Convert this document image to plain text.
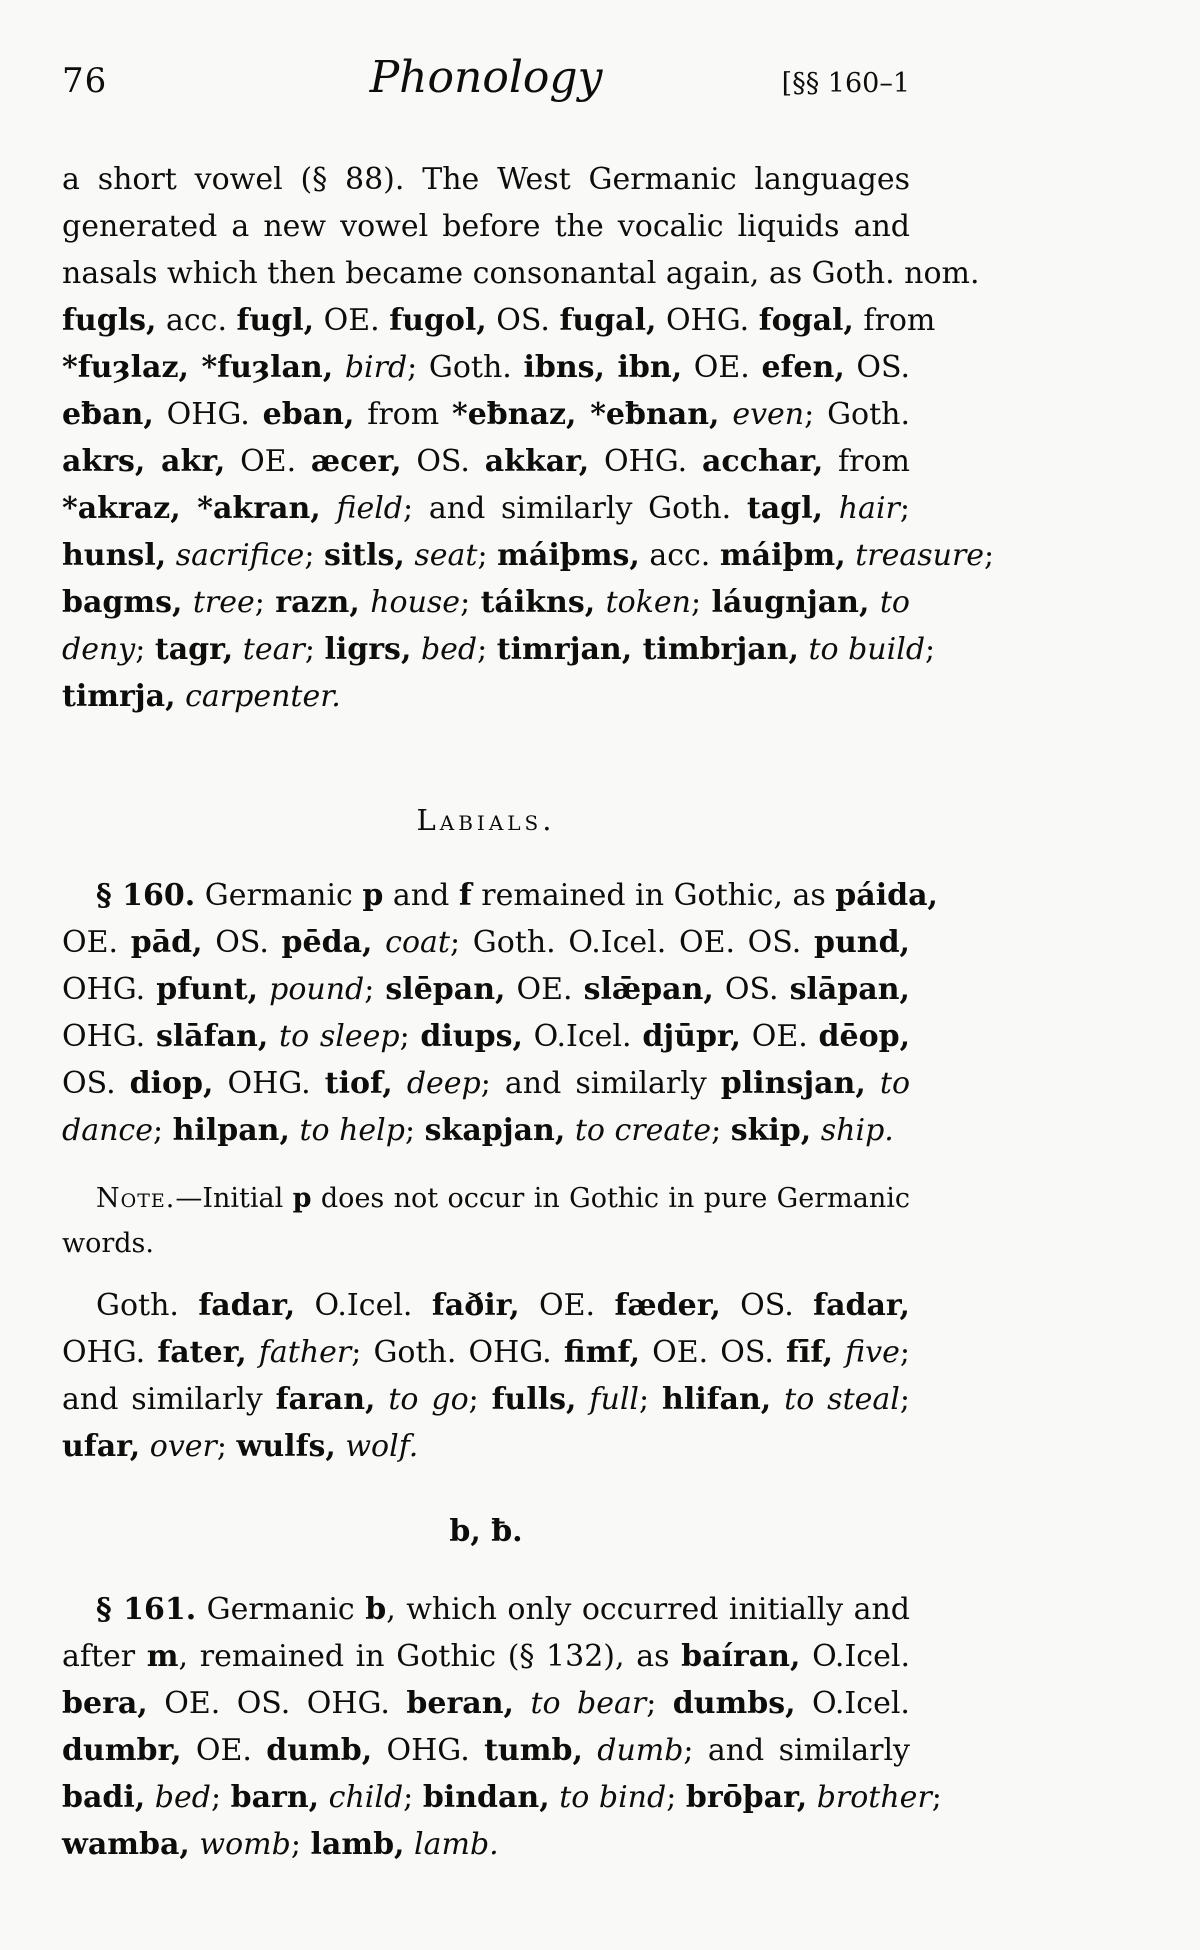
76	Phonology	[§§ 160–1
a short vowel (§ 88). The West Germanic languages
generated a new vowel before the vocalic liquids and
nasals which then became consonantal again, as Goth. nom.
fugls, acc. fugl, OE. fugol, OS. fugal, OHG. fogal, from
*fuȝlaz, *fuȝlan, bird; Goth. ibns, ibn, OE. efen, OS.
eƀan, OHG. eban, from *eƀnaz, *eƀnan, even; Goth.
akrs, akr, OE. æcer, OS. akkar, OHG. acchar, from
*akraz, *akran, field; and similarly Goth. tagl, hair;
hunsl, sacrifice; sitls, seat; máiþms, acc. máiþm, treasure;
bagms, tree; razn, house; táikns, token; láugnjan, to
deny; tagr, tear; ligrs, bed; timrjan, timbrjan, to build;
timrja, carpenter.
Labials.
§ 160. Germanic p and f remained in Gothic, as páida,
OE. pād, OS. pēda, coat; Goth. O.Icel. OE. OS. pund,
OHG. pfunt, pound; slēpan, OE. slǣpan, OS. slāpan,
OHG. slāfan, to sleep; diups, O.Icel. djūpr, OE. dēop,
OS. diop, OHG. tiof, deep; and similarly plinsjan, to
dance; hilpan, to help; skapjan, to create; skip, ship.
Note.—Initial p does not occur in Gothic in pure Germanic
words.
Goth. fadar, O.Icel. faðir, OE. fæder, OS. fadar,
OHG. fater, father; Goth. OHG. fimf, OE. OS. fīf, five;
and similarly faran, to go; fulls, full; hlifan, to steal;
ufar, over; wulfs, wolf.
b, ƀ.
§ 161. Germanic b, which only occurred initially and
after m, remained in Gothic (§ 132), as baíran, O.Icel.
bera, OE. OS. OHG. beran, to bear; dumbs, O.Icel.
dumbr, OE. dumb, OHG. tumb, dumb; and similarly
badi, bed; barn, child; bindan, to bind; brōþar, brother;
wamba, womb; lamb, lamb.
